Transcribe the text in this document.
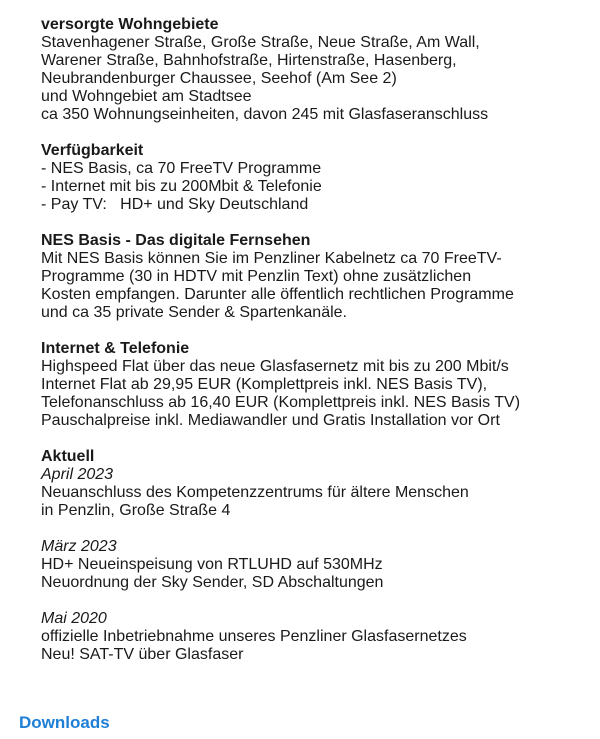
versorgte Wohngebiete
Stavenhagener Straße, Große Straße, Neue Straße, Am Wall,
Warener Straße, Bahnhofstraße, Hirtenstraße, Hasenberg,
Neubrandenburger Chaussee, Seehof (Am See 2)
und Wohngebiet am Stadtsee
ca 350 Wohnungseinheiten, davon 245 mit Glasfaseranschluss
Verfügbarkeit
- NES Basis, ca 70 FreeTV Programme
- Internet mit bis zu 200Mbit & Telefonie
- Pay TV:   HD+ und Sky Deutschland
NES Basis - Das digitale Fernsehen
Mit NES Basis können Sie im Penzliner Kabelnetz ca 70 FreeTV-
Programme (30 in HDTV mit Penzlin Text) ohne zusätzlichen
Kosten empfangen. Darunter alle öffentlich rechtlichen Programme
und ca 35 private Sender & Spartenkanäle.
Internet & Telefonie
Highspeed Flat über das neue Glasfasernetz mit bis zu 200 Mbit/s
Internet Flat ab 29,95 EUR (Komplettpreis inkl. NES Basis TV),
Telefonanschluss ab 16,40 EUR (Komplettpreis inkl. NES Basis TV)
Pauschalpreise inkl. Mediawandler und Gratis Installation vor Ort
Aktuell
April 2023
Neuanschluss des Kompetenzzentrums für ältere Menschen
in Penzlin, Große Straße 4
März 2023
HD+ Neueinspeisung von RTLUHD auf 530MHz
Neuordnung der Sky Sender, SD Abschaltungen
Mai 2020
offizielle Inbetriebnahme unseres Penzliner Glasfasernetzes
Neu! SAT-TV über Glasfaser
Downloads
